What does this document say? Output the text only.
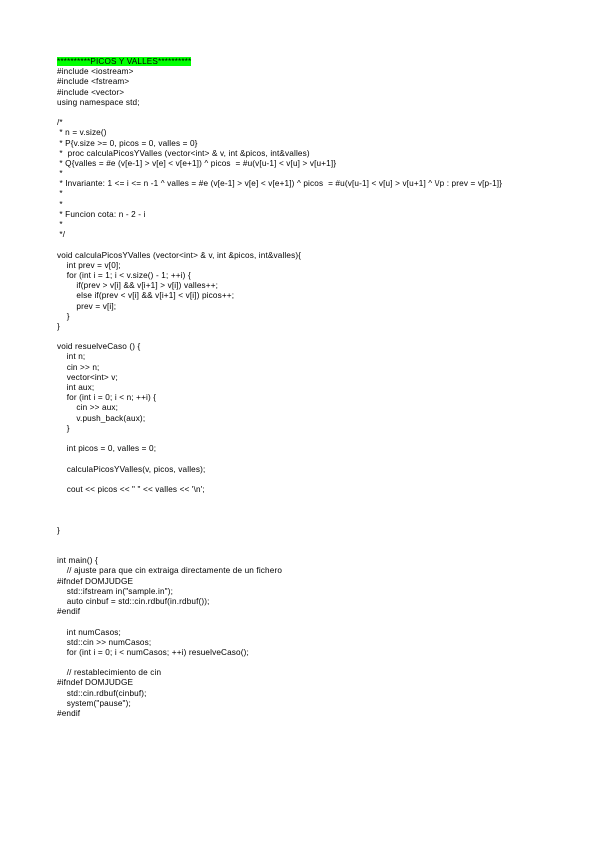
**********PICOS Y VALLES**********
#include <iostream>
#include <fstream>
#include <vector>
using namespace std;

/*
* n = v.size()
* P{v.size >= 0, picos = 0, valles = 0}
*  proc calculaPicosYValles (vector<int> & v, int &picos, int&valles)
* Q{valles = #e (v[e-1] > v[e] < v[e+1]) ^ picos  = #u(v[u-1] < v[u] > v[u+1]}
*
* Invariante: 1 <= i <= n -1 ^ valles = #e (v[e-1] > v[e] < v[e+1]) ^ picos  = #u(v[u-1] < v[u] > v[u+1] ^ \/p : prev = v[p-1]}
*
*
* Funcion cota: n - 2 - i
*
*/

void calculaPicosYValles (vector<int> & v, int &picos, int&valles){
int prev = v[0];
for (int i = 1; i < v.size() - 1; ++i) {
if(prev > v[i] && v[i+1] > v[i]) valles++;
else if(prev < v[i] && v[i+1] < v[i]) picos++;
prev = v[i];
}
}

void resuelveCaso () {
int n;
cin >> n;
vector<int> v;
int aux;
for (int i = 0; i < n; ++i) {
cin >> aux;
v.push_back(aux);
}

int picos = 0, valles = 0;

calculaPicosYValles(v, picos, valles);

cout << picos << " " << valles << '\n';

}

int main() {
// ajuste para que cin extraiga directamente de un fichero
#ifndef DOMJUDGE
std::ifstream in("sample.in");
auto cinbuf = std::cin.rdbuf(in.rdbuf());
#endif

int numCasos;
std::cin >> numCasos;
for (int i = 0; i < numCasos; ++i) resuelveCaso();

// restablecimiento de cin
#ifndef DOMJUDGE
std::cin.rdbuf(cinbuf);
system("pause");
#endif
